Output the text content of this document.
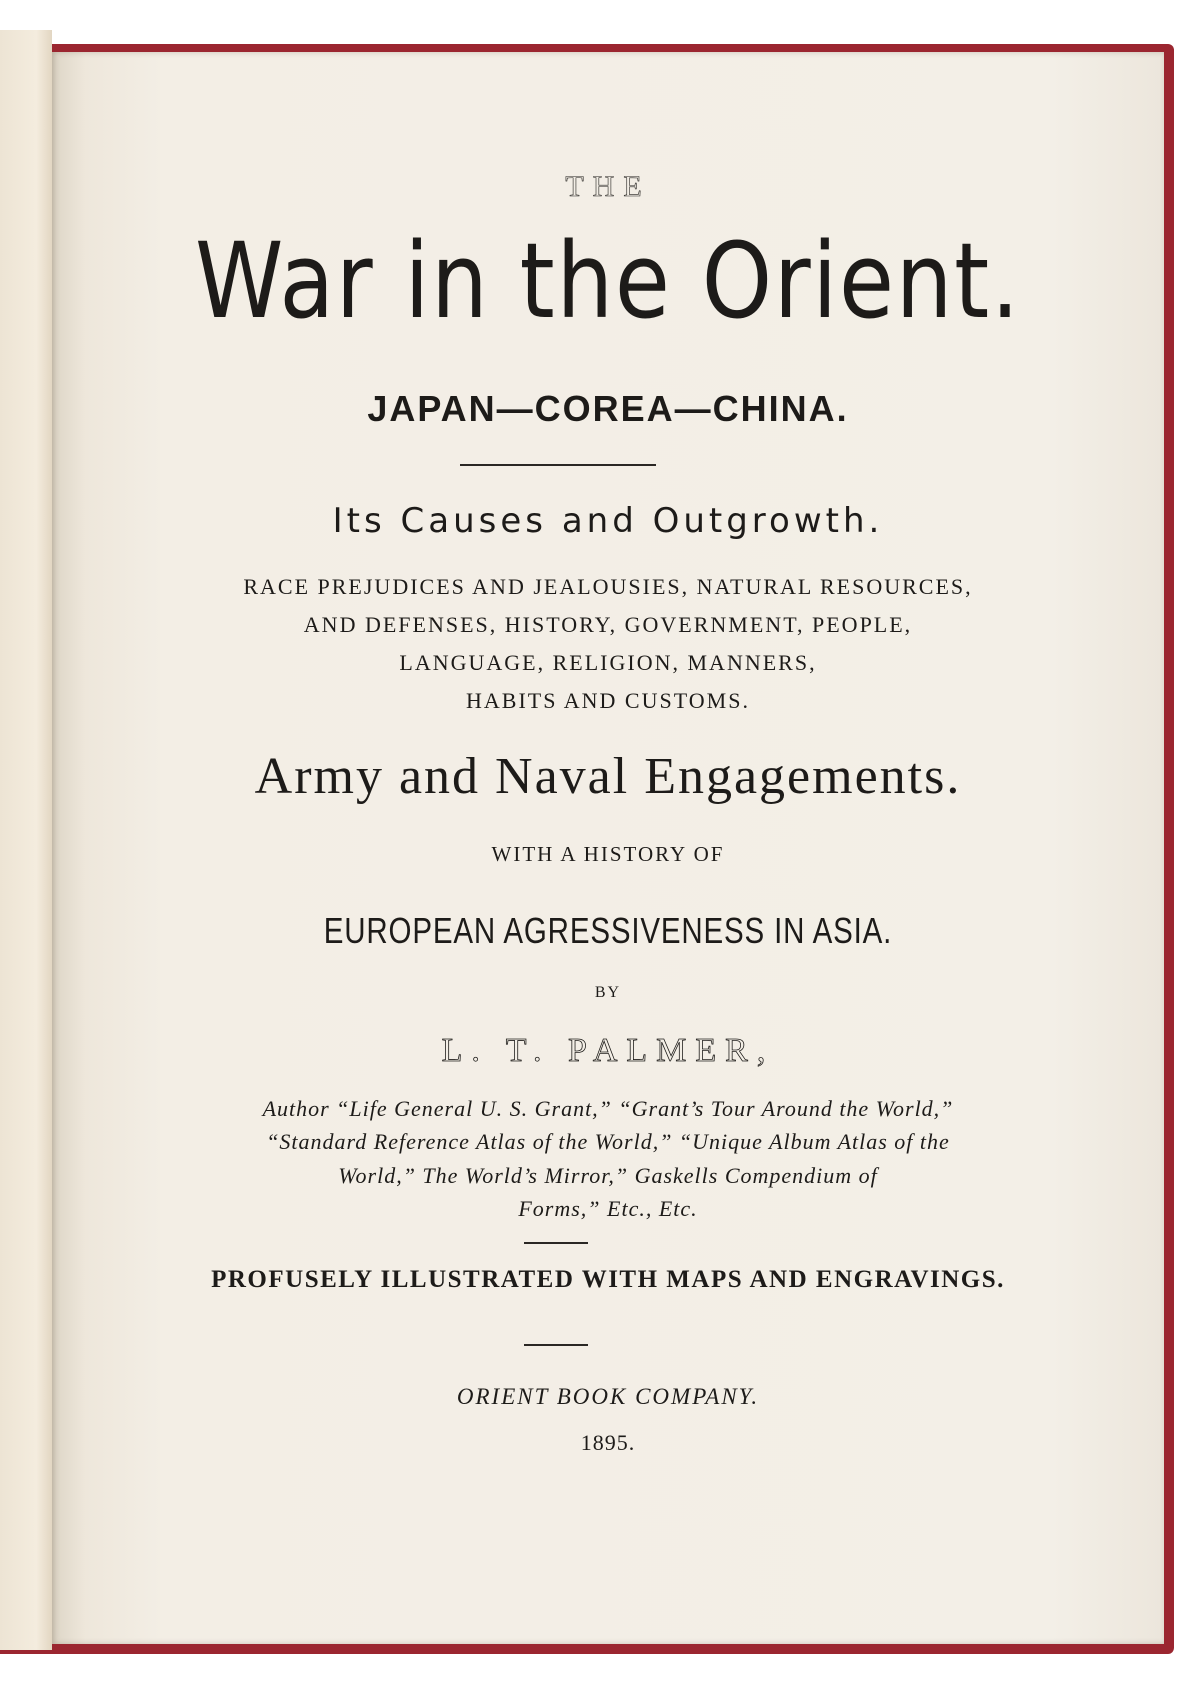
THE
War in the Orient.
JAPAN—COREA—CHINA.
Its Causes and Outgrowth.
RACE PREJUDICES AND JEALOUSIES, NATURAL RESOURCES,
AND DEFENSES, HISTORY, GOVERNMENT, PEOPLE,
LANGUAGE, RELIGION, MANNERS,
HABITS AND CUSTOMS.
Army and Naval Engagements.
WITH A HISTORY OF
EUROPEAN AGRESSIVENESS IN ASIA.
BY
L. T. PALMER,
Author “Life General U. S. Grant,” “Grant’s Tour Around the World,”
“Standard Reference Atlas of the World,” “Unique Album Atlas of the
World,” The World’s Mirror,” Gaskells Compendium of
Forms,” Etc., Etc.
PROFUSELY ILLUSTRATED WITH MAPS AND ENGRAVINGS.
ORIENT BOOK COMPANY.
1895.
